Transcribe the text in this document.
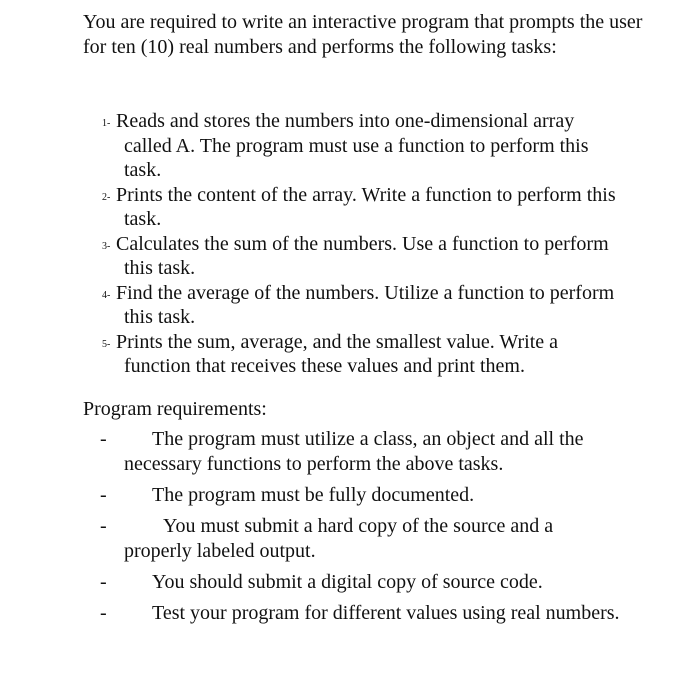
You are required to write an interactive program that prompts the user for ten (10) real numbers and performs the following tasks:
1- Reads and stores the numbers into one-dimensional array called A. The program must use a function to perform this task.
2- Prints the content of the array. Write a function to perform this task.
3- Calculates the sum of the numbers. Use a function to perform this task.
4- Find the average of the numbers. Utilize a function to perform this task.
5- Prints the sum, average, and the smallest value. Write a function that receives these values and print them.
Program requirements:
- The program must utilize a class, an object and all the necessary functions to perform the above tasks.
- The program must be fully documented.
-	You must submit a hard copy of the source and a properly labeled output.
- You should submit a digital copy of source code.
- Test your program for different values using real numbers.
